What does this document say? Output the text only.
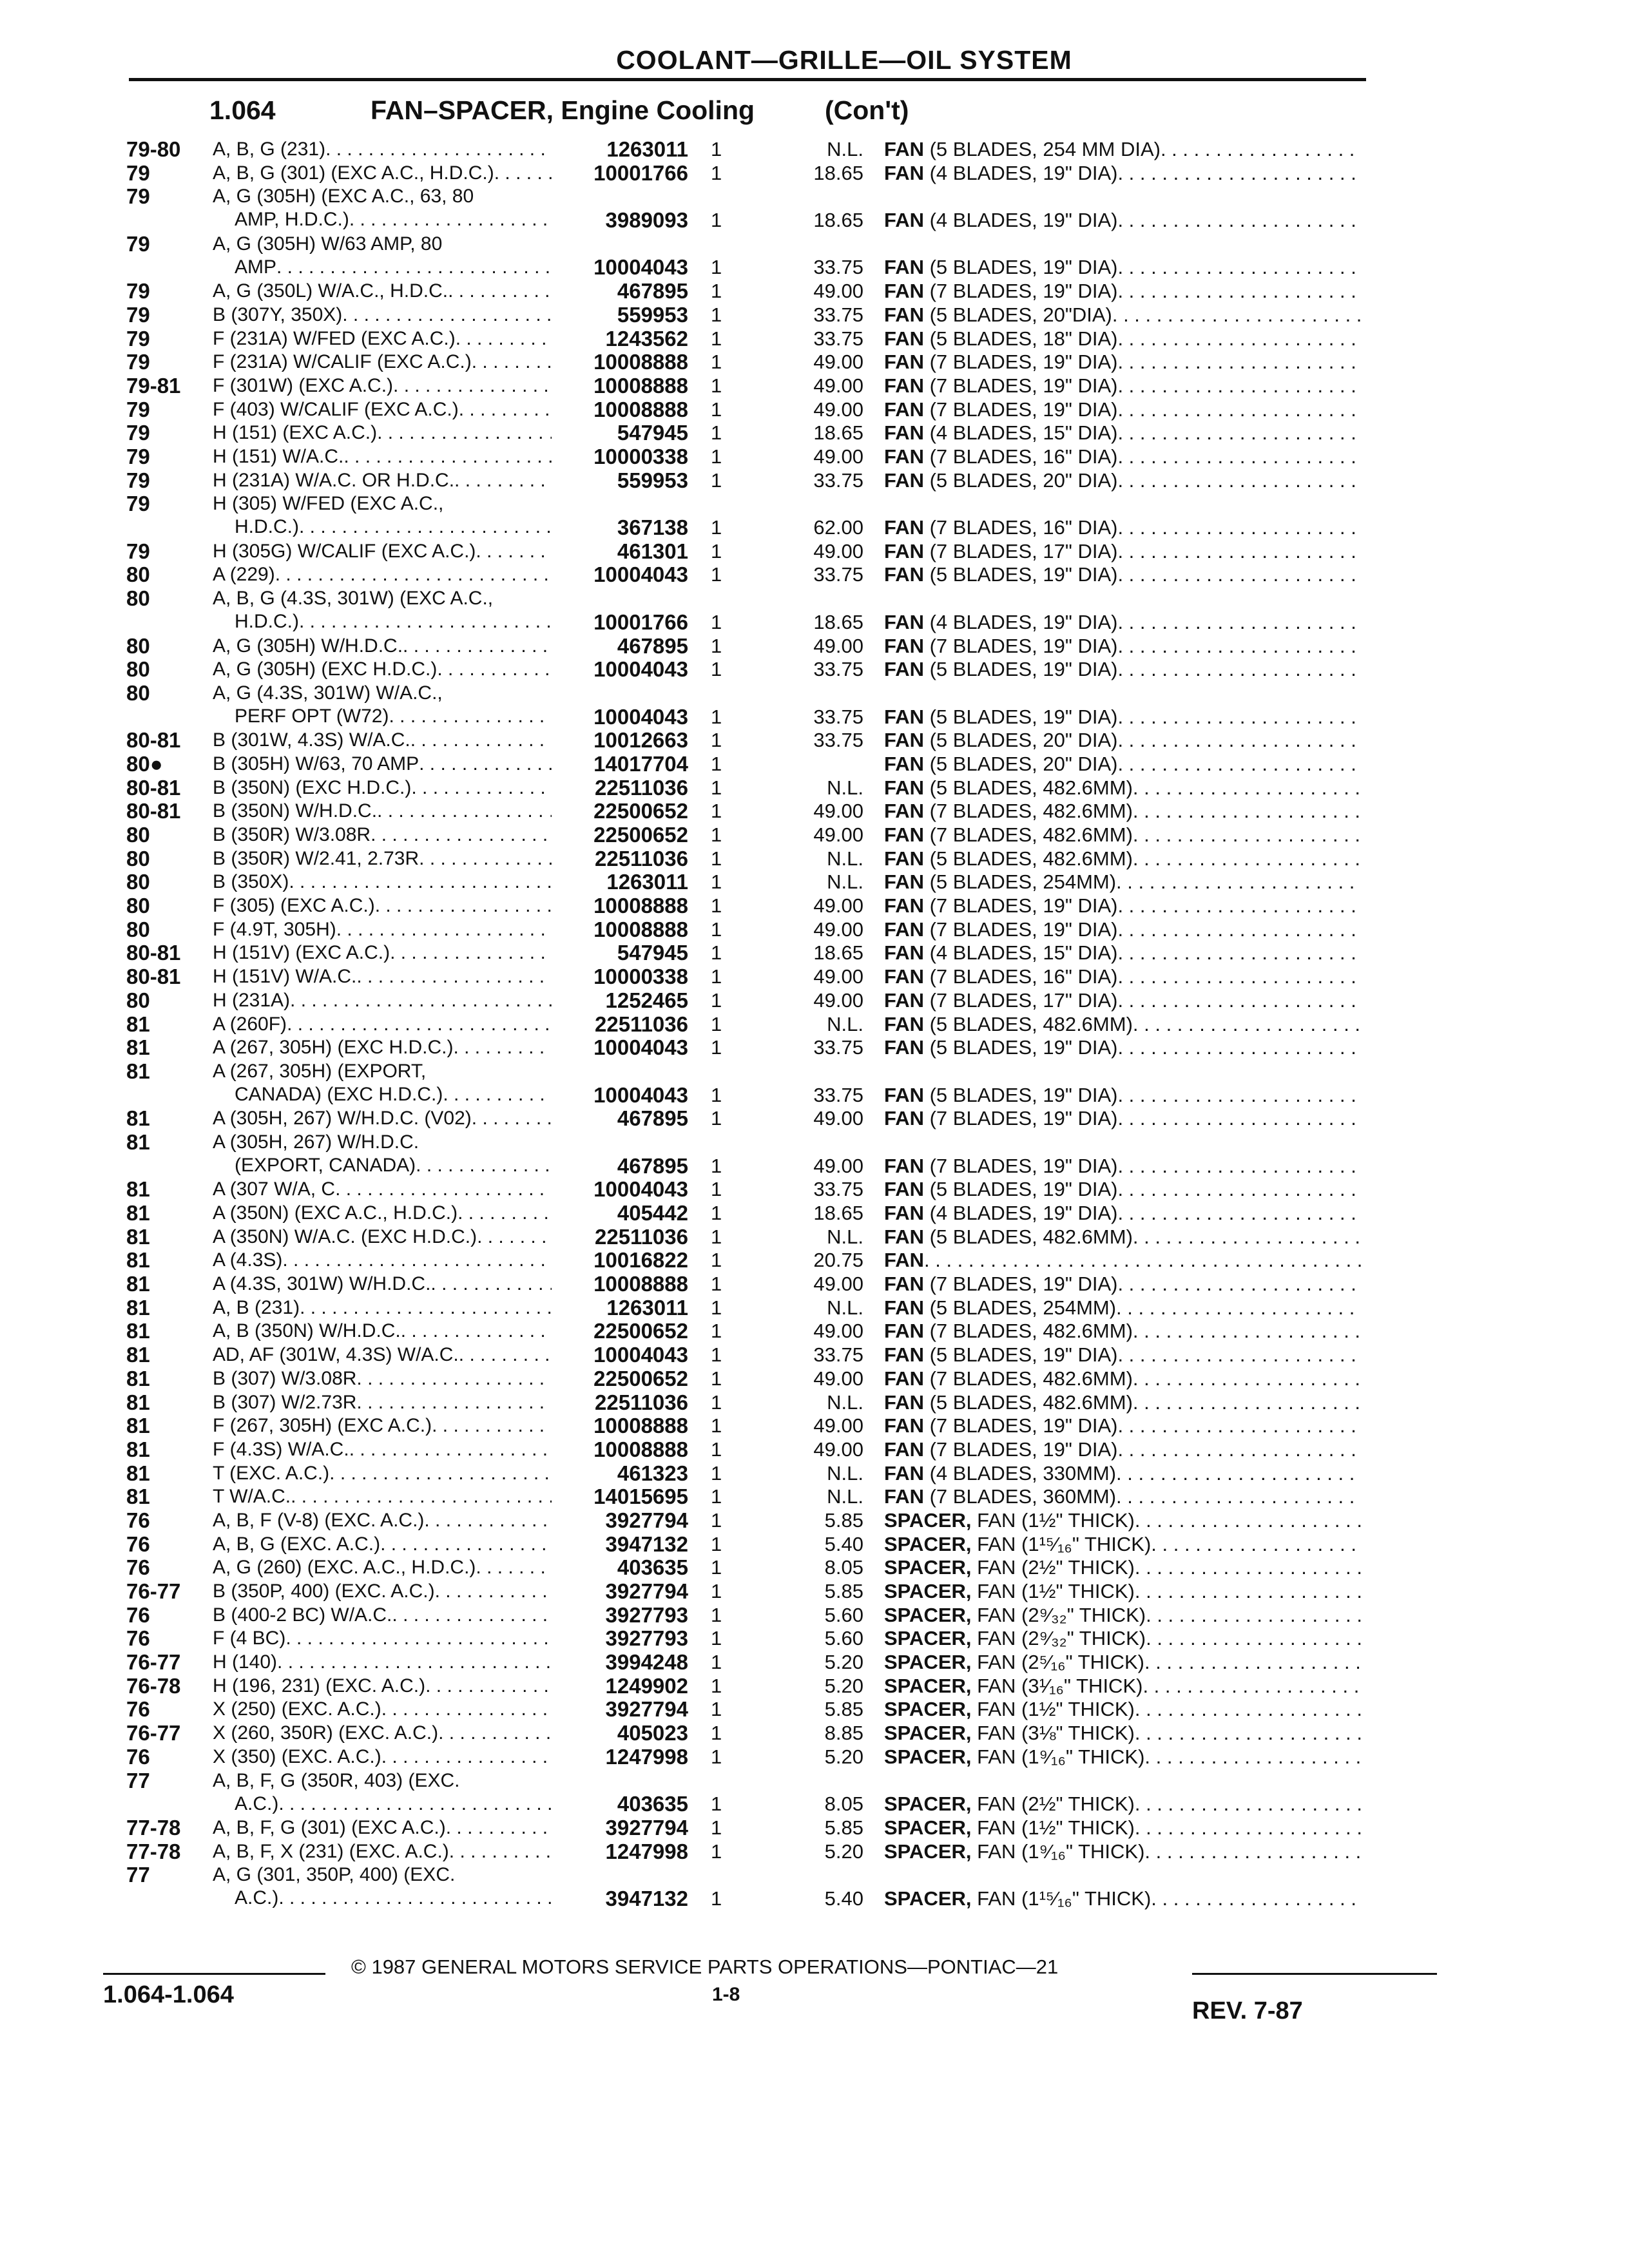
COOLANT—GRILLE—OIL SYSTEM
1.064	FAN–SPACER, Engine Cooling	(Con't)
79-80 A, B, G (231) . . .	1263011 1	N.L. FAN (5 BLADES, 254 MM DIA)
. . .
79	A, B, G (301) (EXC A.C., H.D.C.) . . .	10001766 1	18.65 FAN (4 BLADES, 19" DIA)
. . .
79	A, G (305H) (EXC A.C., 63, 80
AMP, H.D.C.) . . .	3989093 1	18.65 FAN (4 BLADES, 19" DIA)
. . .
79	A, G (305H) W/63 AMP, 80
AMP . . .	10004043 1	33.75 FAN (5 BLADES, 19" DIA)
. . .
79	A, G (350L) W/A.C., H.D.C. . . .	467895 1	49.00 FAN (7 BLADES, 19" DIA)
. . .
79	B (307Y, 350X) . . .	559953 1	33.75 FAN (5 BLADES, 20"DIA)
. . .
79	F (231A) W/FED (EXC A.C.) . . .	1243562 1	33.75 FAN (5 BLADES, 18" DIA)
. . .
79	F (231A) W/CALIF (EXC A.C.) . . .	10008888 1	49.00 FAN (7 BLADES, 19" DIA)
. . .
79-81 F (301W) (EXC A.C.) . . .	10008888 1	49.00 FAN (7 BLADES, 19" DIA)
. . .
79	F (403) W/CALIF (EXC A.C.) . . .	10008888 1	49.00 FAN (7 BLADES, 19" DIA)
. . .
79	H (151) (EXC A.C.) . . .	547945 1	18.65 FAN (4 BLADES, 15" DIA)
. . .
79	H (151) W/A.C. . . .	10000338 1	49.00 FAN (7 BLADES, 16" DIA)
. . .
79	H (231A) W/A.C. OR H.D.C. . . .	559953 1	33.75 FAN (5 BLADES, 20" DIA)
. . .
79	H (305) W/FED (EXC A.C.,
H.D.C.) . . .	367138 1	62.00 FAN (7 BLADES, 16" DIA)
. . .
79	H (305G) W/CALIF (EXC A.C.) . . .	461301 1	49.00 FAN (7 BLADES, 17" DIA)
. . .
80	A (229) . . .	10004043 1	33.75 FAN (5 BLADES, 19" DIA)
. . .
80	A, B, G (4.3S, 301W) (EXC A.C.,
H.D.C.) . . .	10001766 1	18.65 FAN (4 BLADES, 19" DIA)
. . .
80	A, G (305H) W/H.D.C. . . .	467895 1	49.00 FAN (7 BLADES, 19" DIA)
. . .
80	A, G (305H) (EXC H.D.C.) . . .	10004043 1	33.75 FAN (5 BLADES, 19" DIA)
. . .
80	A, G (4.3S, 301W) W/A.C.,
PERF OPT (W72) . . .	10004043 1	33.75 FAN (5 BLADES, 19" DIA)
. . .
80-81 B (301W, 4.3S) W/A.C. . . .	10012663 1	33.75 FAN (5 BLADES, 20" DIA)
. . .
80●	B (305H) W/63, 70 AMP . . .	14017704 1	FAN (5 BLADES, 20" DIA)
. . .
80-81 B (350N) (EXC H.D.C.) . . .	22511036 1	N.L. FAN (5 BLADES, 482.6MM)
. . .
80-81 B (350N) W/H.D.C. . . .	22500652 1	49.00 FAN (7 BLADES, 482.6MM)
. . .
80	B (350R) W/3.08R . . .	22500652 1	49.00 FAN (7 BLADES, 482.6MM)
. . .
80	B (350R) W/2.41, 2.73R . . .	22511036 1	N.L. FAN (5 BLADES, 482.6MM)
. . .
80	B (350X) . . .	1263011 1	N.L. FAN (5 BLADES, 254MM)
. . .
80	F (305) (EXC A.C.) . . .	10008888 1	49.00 FAN (7 BLADES, 19" DIA)
. . .
80	F (4.9T, 305H) . . .	10008888 1	49.00 FAN (7 BLADES, 19" DIA)
. . .
80-81 H (151V) (EXC A.C.) . . .	547945 1	18.65 FAN (4 BLADES, 15" DIA)
. . .
80-81 H (151V) W/A.C. . . .	10000338 1	49.00 FAN (7 BLADES, 16" DIA)
. . .
80	H (231A) . . .	1252465 1	49.00 FAN (7 BLADES, 17" DIA)
. . .
81	A (260F) . . .	22511036 1	N.L. FAN (5 BLADES, 482.6MM)
. . .
81	A (267, 305H) (EXC H.D.C.) . . .	10004043 1	33.75 FAN (5 BLADES, 19" DIA)
. . .
81	A (267, 305H) (EXPORT,
CANADA) (EXC H.D.C.) . . .	10004043 1	33.75 FAN (5 BLADES, 19" DIA)
. . .
81	A (305H, 267) W/H.D.C. (V02) . . .	467895 1	49.00 FAN (7 BLADES, 19" DIA)
. . .
81	A (305H, 267) W/H.D.C.
(EXPORT, CANADA) . . .	467895 1	49.00 FAN (7 BLADES, 19" DIA)
. . .
81	A (307 W/A, C . . .	10004043 1	33.75 FAN (5 BLADES, 19" DIA)
. . .
81	A (350N) (EXC A.C., H.D.C.) . . .	405442 1	18.65 FAN (4 BLADES, 19" DIA)
. . .
81	A (350N) W/A.C. (EXC H.D.C.) . . .	22511036 1	N.L. FAN (5 BLADES, 482.6MM)
. . .
81	A (4.3S) . . .	10016822 1	20.75 FAN
. . .
81	A (4.3S, 301W) W/H.D.C. . . .	10008888 1	49.00 FAN (7 BLADES, 19" DIA)
. . .
81	A, B (231) . . .	1263011 1	N.L. FAN (5 BLADES, 254MM)
. . .
81	A, B (350N) W/H.D.C. . . .	22500652 1	49.00 FAN (7 BLADES, 482.6MM)
. . .
81	AD, AF (301W, 4.3S) W/A.C. . . .	10004043 1	33.75 FAN (5 BLADES, 19" DIA)
. . .
81	B (307) W/3.08R . . .	22500652 1	49.00 FAN (7 BLADES, 482.6MM)
. . .
81	B (307) W/2.73R . . .	22511036 1	N.L. FAN (5 BLADES, 482.6MM)
. . .
81	F (267, 305H) (EXC A.C.) . . .	10008888 1	49.00 FAN (7 BLADES, 19" DIA)
. . .
81	F (4.3S) W/A.C. . . .	10008888 1	49.00 FAN (7 BLADES, 19" DIA)
. . .
81	T (EXC. A.C.) . . .	461323 1	N.L. FAN (4 BLADES, 330MM)
. . .
81	T W/A.C. . . .	14015695 1	N.L. FAN (7 BLADES, 360MM)
. . .
76	A, B, F (V-8) (EXC. A.C.) . . .	3927794 1	5.85 SPACER, FAN (1½" THICK)
. . .
76	A, B, G (EXC. A.C.) . . .	3947132 1	5.40 SPACER, FAN (1¹⁵⁄₁₆" THICK)
. . .
76	A, G (260) (EXC. A.C., H.D.C.) . . .	403635 1	8.05 SPACER, FAN (2½" THICK)
. . .
76-77 B (350P, 400) (EXC. A.C.) . . .	3927794 1	5.85 SPACER, FAN (1½" THICK)
. . .
76	B (400-2 BC) W/A.C. . . .	3927793 1	5.60 SPACER, FAN (2⁹⁄₃₂" THICK)
. . .
76	F (4 BC) . . .	3927793 1	5.60 SPACER, FAN (2⁹⁄₃₂" THICK)
. . .
76-77 H (140) . . .	3994248 1	5.20 SPACER, FAN (2⁵⁄₁₆" THICK)
. . .
76-78 H (196, 231) (EXC. A.C.) . . .	1249902 1	5.20 SPACER, FAN (3¹⁄₁₆" THICK)
. . .
76	X (250) (EXC. A.C.) . . .	3927794 1	5.85 SPACER, FAN (1½" THICK)
. . .
76-77 X (260, 350R) (EXC. A.C.) . . .	405023 1	8.85 SPACER, FAN (3⅛" THICK)
. . .
76	X (350) (EXC. A.C.) . . .	1247998 1	5.20 SPACER, FAN (1⁹⁄₁₆" THICK)
. . .
77	A, B, F, G (350R, 403) (EXC.
A.C.) . . .	403635 1	8.05 SPACER, FAN (2½" THICK)
. . .
77-78 A, B, F, G (301) (EXC A.C.) . . .	3927794 1	5.85 SPACER, FAN (1½" THICK)
. . .
77-78 A, B, F, X (231) (EXC. A.C.) . . .	1247998 1	5.20 SPACER, FAN (1⁹⁄₁₆" THICK)
. . .
77	A, G (301, 350P, 400) (EXC.
A.C.) . . .	3947132 1	5.40 SPACER, FAN (1¹⁵⁄₁₆" THICK)
. . .
© 1987 GENERAL MOTORS SERVICE PARTS OPERATIONS—PONTIAC—21
1-8
1.064-1.064
REV. 7-87
